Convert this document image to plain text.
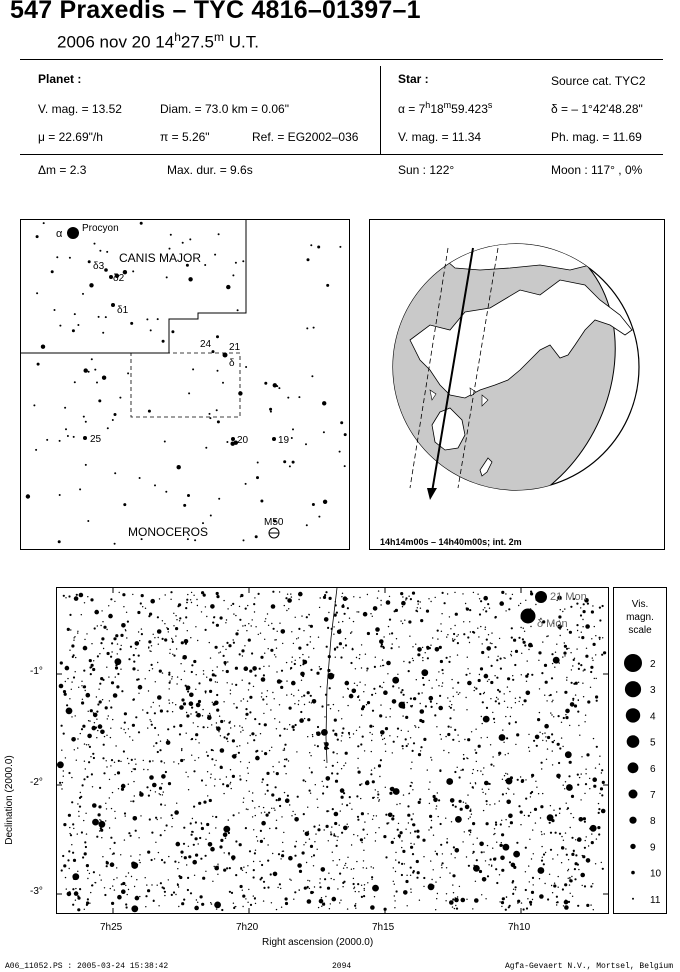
547 Praxedis – TYC 4816–01397–1
2006 nov 20 14$^h$27.5$^m$ U.T.
Planet :
V. mag. = 13.52	Diam. = 73.0 km = 0.06"
μ = 22.69"/h	π = 5.26"	Ref. = EG2002–036
Star :	Source cat. TYC2
$\alpha = 7^h18^m59.423^s$	δ = – 1°42'48.28"
V. mag. = 11.34	Ph. mag. = 11.69
Δm = 2.3	Max. dur. = 9.6s	Sun : 122°	Moon : 117° , 0%
α Procyon
CANIS MAJOR
δ3
δ2
δ1
24 21
δ
25	20	19
MONOCEROS
M50
14h14m00s – 14h40m00s; int. 2m
Declination (2000.0)
21 Mon
δ Mon
-1°
-2°
-3°
7h25	7h20	7h15	7h10
Right ascension (2000.0)
Vis.
magn.
scale
2
3
4
5
6
7
8
9
10
11
A06_11052.PS : 2005-03-24 15:38:42	2094	Agfa-Gevaert N.V., Mortsel, Belgium
